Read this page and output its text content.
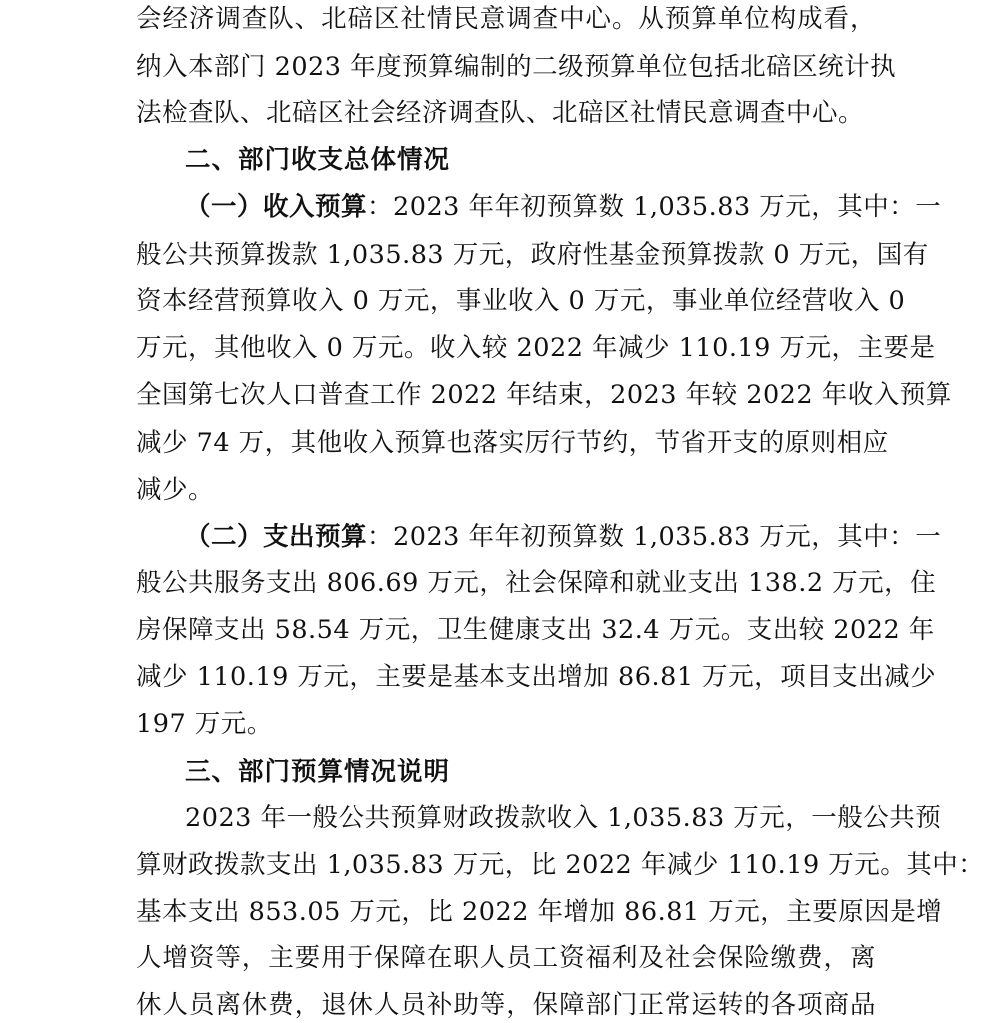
会经济调查队、北碚区社情民意调查中心。从预算单位构成看，
纳入本部门 2023 年度预算编制的二级预算单位包括北碚区统计执
法检查队、北碚区社会经济调查队、北碚区社情民意调查中心。
二、部门收支总体情况
（一）收入预算：2023 年年初预算数 1,035.83 万元，其中：一
般公共预算拨款 1,035.83 万元，政府性基金预算拨款 0 万元，国有
资本经营预算收入 0 万元，事业收入 0 万元，事业单位经营收入 0
万元，其他收入 0 万元。收入较 2022 年减少 110.19 万元，主要是
全国第七次人口普查工作 2022 年结束，2023 年较 2022 年收入预算
减少 74 万，其他收入预算也落实厉行节约，节省开支的原则相应
减少。
（二）支出预算：2023 年年初预算数 1,035.83 万元，其中：一
般公共服务支出 806.69 万元，社会保障和就业支出 138.2 万元，住
房保障支出 58.54 万元，卫生健康支出 32.4 万元。支出较 2022 年
减少 110.19 万元，主要是基本支出增加 86.81 万元，项目支出减少
197 万元。
三、部门预算情况说明
2023 年一般公共预算财政拨款收入 1,035.83 万元，一般公共预
算财政拨款支出 1,035.83 万元，比 2022 年减少 110.19 万元。其中：
基本支出 853.05 万元，比 2022 年增加 86.81 万元，主要原因是增
人增资等，主要用于保障在职人员工资福利及社会保险缴费，离
休人员离休费，退休人员补助等，保障部门正常运转的各项商品
